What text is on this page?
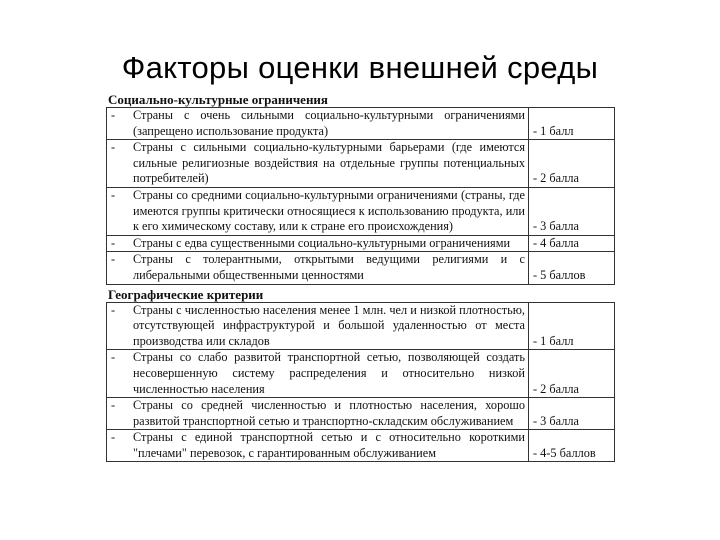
Факторы оценки внешней среды
Социально-культурные ограничения
-	Страны с очень сильными социально-культурными ограничениями (запрещено использование продукта)	- 1 балл
-	Страны с сильными социально-культурными барьерами (где имеются сильные религиозные воздействия на отдельные группы потенциальных потребителей)	- 2 балла
-	Страны со средними социально-культурными ограничениями (страны, где имеются группы критически относящиеся к использованию продукта, или к его химическому составу, или к стране его происхождения)	- 3 балла
-	Страны с едва существенными социально-культурными ограничениями	- 4 балла
-	Страны с толерантными, открытыми ведущими религиями и с либеральными общественными ценностями	- 5 баллов
Географические критерии
-	Страны с численностью населения менее 1 млн. чел и низкой плотностью, отсутствующей инфраструктурой и большой удаленностью от места производства или складов	- 1 балл
-	Страны со слабо развитой транспортной сетью, позволяющей создать несовершенную систему распределения и относительно низкой численностью населения	- 2 балла
-	Страны со средней численностью и плотностью населения, хорошо развитой транспортной сетью и транспортно-складским обслуживанием	- 3 балла
-	Страны с единой транспортной сетью и с относительно короткими "плечами" перевозок, с гарантированным обслуживанием	- 4-5 баллов
